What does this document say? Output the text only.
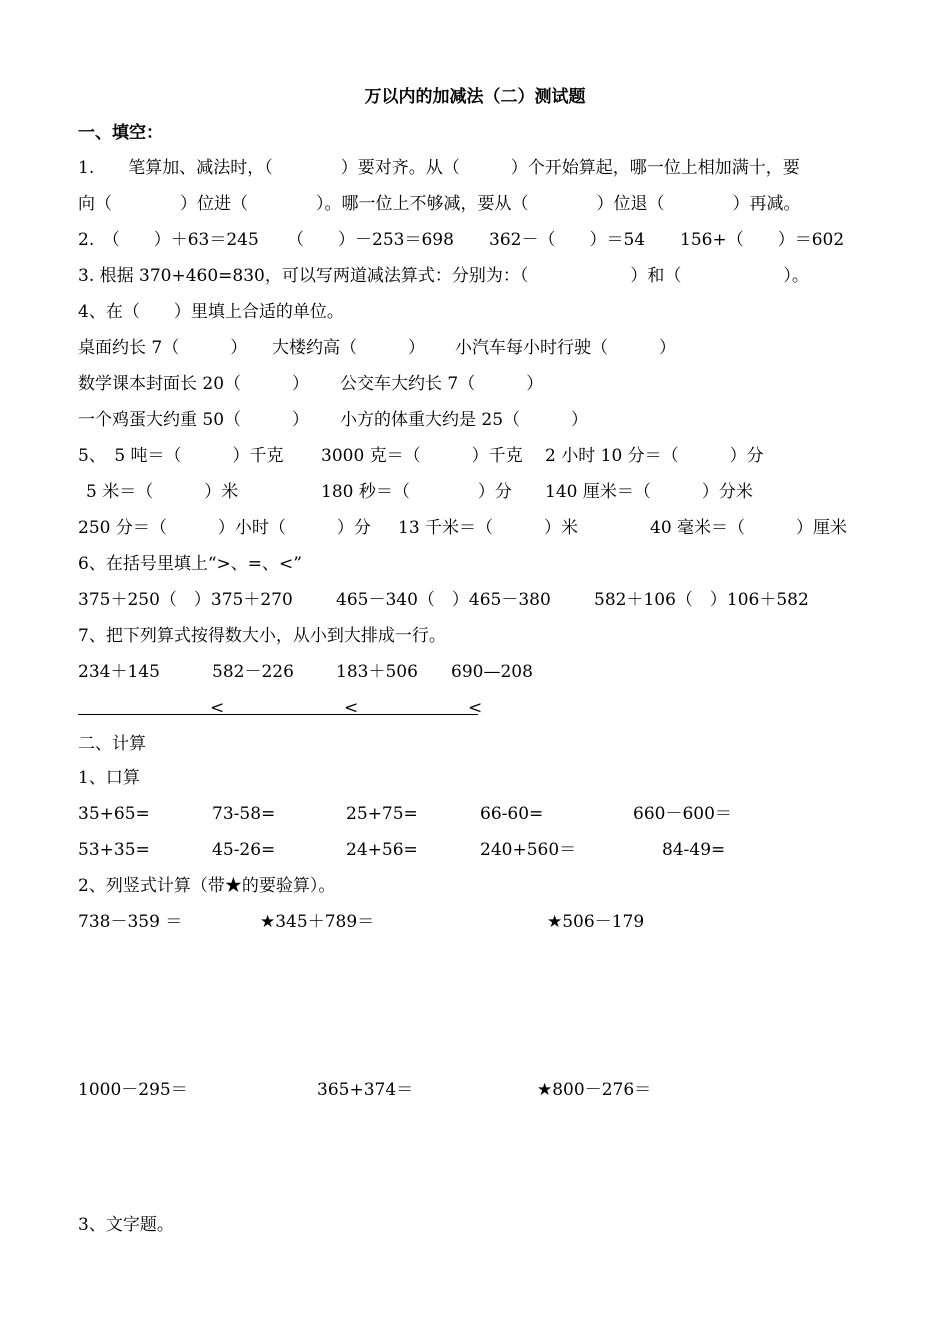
万以内的加减法（二）测试题
一、填空：
1.　　笔算加、减法时，（　　　　）要对齐。从（　　　）个开始算起，哪一位上相加满十，要
向（　　　　）位进（　　　　）。哪一位上不够减，要从（　　　　）位退（　　　　）再减。
2.　（　　）＋63＝245 （　　）－253＝698 362－（　　）＝54 156+（　　）＝602
3. 根据 370+460=830，可以写两道减法算式：分别为：（　　　　　　）和（　　　　　　）。
4、在（　　）里填上合适的单位。
桌面约长 7（　　　） 大楼约高（　　　） 小汽车每小时行驶（　　　）
数学课本封面长 20（　　　） 公交车大约长 7（　　　）
一个鸡蛋大约重 50（　　　） 小方的体重大约是 25（　　　）
5、　5 吨＝（　　　）千克 3000 克＝（　　　）千克 2 小时 10 分＝（　　　）分
5 米＝（　　　）米	180 秒＝（　　　　）分 140 厘米＝（　　　）分米
250 分＝（　　　）小时（　　　）分 13 千米＝（　　　）米	40 毫米＝（　　　）厘米
6、在括号里填上“>、=、<”
375＋250（　）375＋270	465－340（　）465－380	582＋106（　）106＋582
7、把下列算式按得数大小，从小到大排成一行。
234＋145	582－226 183＋506 690—208
<	<	<
二、计算
1、口算
35+65=	73-58=	25+75=	66-60=	660－600＝
53+35=	45-26=	24+56=	240+560＝	84-49=
2、列竖式计算（带★的要验算）。
738－359 ＝	★345＋789＝	★506－179
1000－295＝	365+374＝	★800－276＝
3、文字题。
